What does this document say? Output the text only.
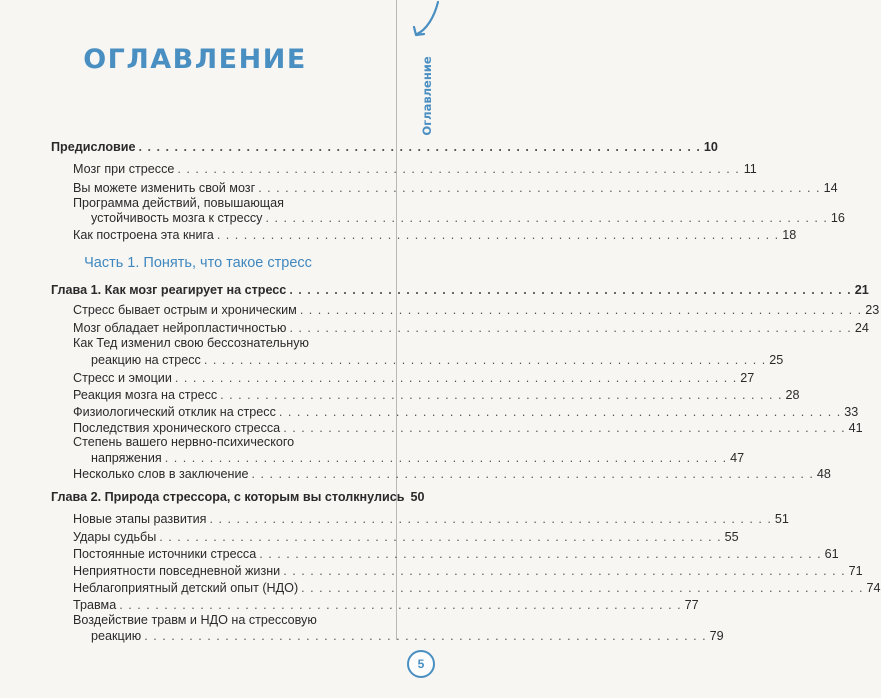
Оглавление
ОГЛАВЛЕНИЕ
Предисловие . . . . . . . . . . . . . . . . . . . . . . . . . . . . . . . . . . . . . . . . . . . . . . . . . . . . . . . . . . . . . . . 10
Мозг при стрессе . . . . . . . . . . . . . . . . . . . . . . . . . . . . . . . . . . . . . . . . . . . . . . . . . . . . . . . . . . . . . . . 11
Вы можете изменить свой мозг . . . . . . . . . . . . . . . . . . . . . . . . . . . . . . . . . . . . . . . . . . . . . . . . . . . . . . . . . . . . . . . 14
Программа действий, повышающая
устойчивость мозга к стрессу . . . . . . . . . . . . . . . . . . . . . . . . . . . . . . . . . . . . . . . . . . . . . . . . . . . . . . . . . . . . . . . 16
Как построена эта книга . . . . . . . . . . . . . . . . . . . . . . . . . . . . . . . . . . . . . . . . . . . . . . . . . . . . . . . . . . . . . . . 18
Часть 1. Понять, что такое стресс
Глава 1. Как мозг реагирует на стресс . . . . . . . . . . . . . . . . . . . . . . . . . . . . . . . . . . . . . . . . . . . . . . . . . . . . . . . . . . . . . . . 21
Стресс бывает острым и хроническим . . . . . . . . . . . . . . . . . . . . . . . . . . . . . . . . . . . . . . . . . . . . . . . . . . . . . . . . . . . . . . . 23
Мозг обладает нейропластичностью . . . . . . . . . . . . . . . . . . . . . . . . . . . . . . . . . . . . . . . . . . . . . . . . . . . . . . . . . . . . . . . 24
Как Тед изменил свою бессознательную
реакцию на стресс . . . . . . . . . . . . . . . . . . . . . . . . . . . . . . . . . . . . . . . . . . . . . . . . . . . . . . . . . . . . . . . 25
Стресс и эмоции . . . . . . . . . . . . . . . . . . . . . . . . . . . . . . . . . . . . . . . . . . . . . . . . . . . . . . . . . . . . . . . 27
Реакция мозга на стресс . . . . . . . . . . . . . . . . . . . . . . . . . . . . . . . . . . . . . . . . . . . . . . . . . . . . . . . . . . . . . . . 28
Физиологический отклик на стресс . . . . . . . . . . . . . . . . . . . . . . . . . . . . . . . . . . . . . . . . . . . . . . . . . . . . . . . . . . . . . . . 33
Последствия хронического стресса . . . . . . . . . . . . . . . . . . . . . . . . . . . . . . . . . . . . . . . . . . . . . . . . . . . . . . . . . . . . . . . 41
Степень вашего нервно-психического
напряжения . . . . . . . . . . . . . . . . . . . . . . . . . . . . . . . . . . . . . . . . . . . . . . . . . . . . . . . . . . . . . . . 47
Несколько слов в заключение . . . . . . . . . . . . . . . . . . . . . . . . . . . . . . . . . . . . . . . . . . . . . . . . . . . . . . . . . . . . . . . 48
Глава 2. Природа стрессора, с которым вы столкнулись 50
Новые этапы развития . . . . . . . . . . . . . . . . . . . . . . . . . . . . . . . . . . . . . . . . . . . . . . . . . . . . . . . . . . . . . . . 51
Удары судьбы . . . . . . . . . . . . . . . . . . . . . . . . . . . . . . . . . . . . . . . . . . . . . . . . . . . . . . . . . . . . . . . 55
Постоянные источники стресса . . . . . . . . . . . . . . . . . . . . . . . . . . . . . . . . . . . . . . . . . . . . . . . . . . . . . . . . . . . . . . . 61
Неприятности повседневной жизни . . . . . . . . . . . . . . . . . . . . . . . . . . . . . . . . . . . . . . . . . . . . . . . . . . . . . . . . . . . . . . . 71
Неблагоприятный детский опыт (НДО) . . . . . . . . . . . . . . . . . . . . . . . . . . . . . . . . . . . . . . . . . . . . . . . . . . . . . . . . . . . . . . . 74
Травма . . . . . . . . . . . . . . . . . . . . . . . . . . . . . . . . . . . . . . . . . . . . . . . . . . . . . . . . . . . . . . . 77
Воздействие травм и НДО на стрессовую
реакцию . . . . . . . . . . . . . . . . . . . . . . . . . . . . . . . . . . . . . . . . . . . . . . . . . . . . . . . . . . . . . . . 79
5
